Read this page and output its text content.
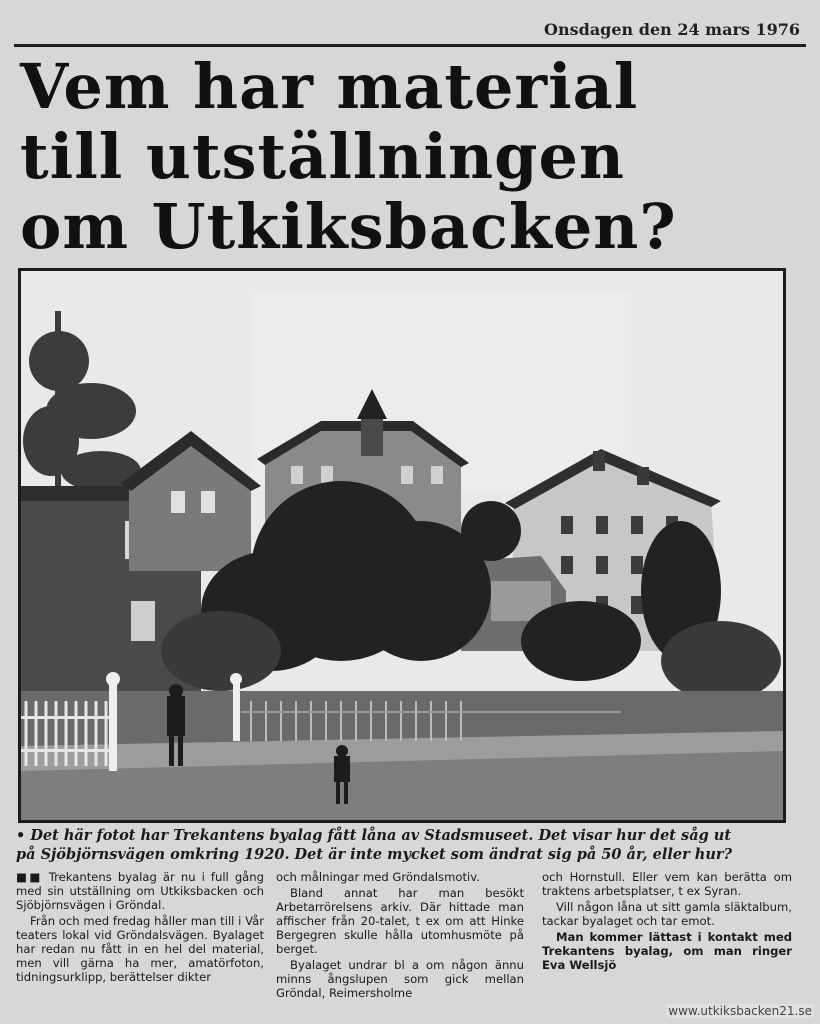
Onsdagen den 24 mars 1976
Vem har material
till utställningen
om Utkiksbacken?
• Det här fotot har Trekantens byalag fått låna av Stadsmuseet. Det visar hur det såg ut
på Sjöbjörnsvägen omkring 1920. Det är inte mycket som ändrat sig på 50 år, eller hur?

■■ Trekantens byalag är nu i full gång med sin utställning om Utkiksbacken och Sjöbjörnsvägen i Gröndal.

Från och med fredag håller man till i Vår teaters lokal vid Gröndalsvägen. Byalaget har redan nu fått in en hel del material, men vill gärna ha mer, amatörfoton, tidningsurklipp, berättelser dikter

och målningar med Gröndalsmotiv.

Bland annat har man besökt Arbetarrörelsens arkiv. Där hittade man affischer från 20-talet, t ex om att Hinke Bergegren skulle hålla utomhusmöte på berget.

Byalaget undrar bl a om någon ännu minns ångslupen som gick mellan Gröndal, Reimersholme

och Hornstull. Eller vem kan berätta om traktens arbetsplatser, t ex Syran.

Vill någon låna ut sitt gamla släktalbum, tackar byalaget och tar emot.

Man kommer lättast i kontakt med Trekantens byalag, om man ringer Eva Wellsjö

www.utkiksbacken21.se
